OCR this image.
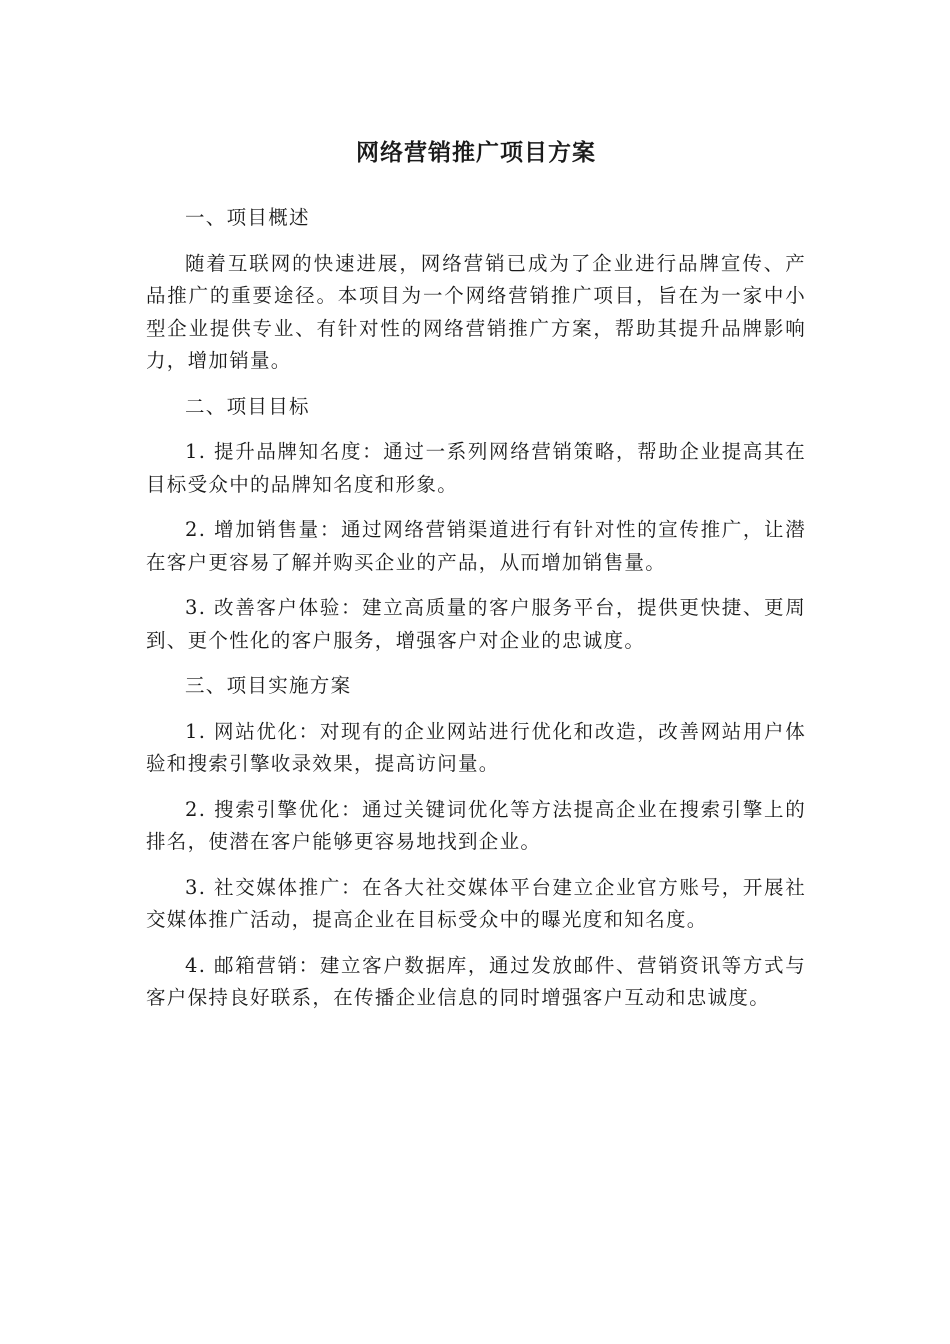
网络营销推广项目方案

一、项目概述

随着互联网的快速进展，网络营销已成为了企业进行品牌宣传、产品推广的重要途径。本项目为一个网络营销推广项目，旨在为一家中小型企业提供专业、有针对性的网络营销推广方案，帮助其提升品牌影响力，增加销量。

二、项目目标

1. 提升品牌知名度：通过一系列网络营销策略，帮助企业提高其在目标受众中的品牌知名度和形象。

2. 增加销售量：通过网络营销渠道进行有针对性的宣传推广，让潜在客户更容易了解并购买企业的产品，从而增加销售量。

3. 改善客户体验：建立高质量的客户服务平台，提供更快捷、更周到、更个性化的客户服务，增强客户对企业的忠诚度。

三、项目实施方案

1. 网站优化：对现有的企业网站进行优化和改造，改善网站用户体验和搜索引擎收录效果，提高访问量。

2. 搜索引擎优化：通过关键词优化等方法提高企业在搜索引擎上的排名，使潜在客户能够更容易地找到企业。

3. 社交媒体推广：在各大社交媒体平台建立企业官方账号，开展社交媒体推广活动，提高企业在目标受众中的曝光度和知名度。

4. 邮箱营销：建立客户数据库，通过发放邮件、营销资讯等方式与客户保持良好联系，在传播企业信息的同时增强客户互动和忠诚度。
